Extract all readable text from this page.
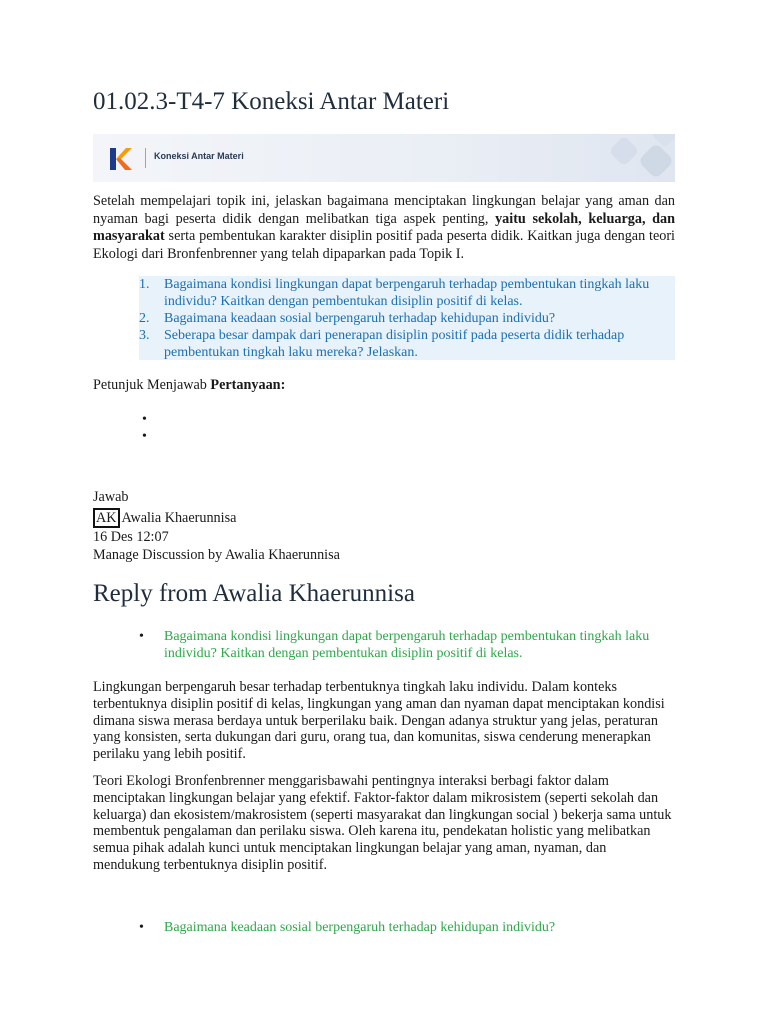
01.02.3-T4-7 Koneksi Antar Materi
Koneksi Antar Materi
Setelah mempelajari topik ini, jelaskan bagaimana menciptakan lingkungan belajar yang aman dan nyaman bagi peserta didik dengan melibatkan tiga aspek penting, yaitu sekolah, keluarga, dan masyarakat serta pembentukan karakter disiplin positif pada peserta didik. Kaitkan juga dengan teori Ekologi dari Bronfenbrenner yang telah dipaparkan pada Topik I.
1. Bagaimana kondisi lingkungan dapat berpengaruh terhadap pembentukan tingkah laku individu? Kaitkan dengan pembentukan disiplin positif di kelas.
2. Bagaimana keadaan sosial berpengaruh terhadap kehidupan individu?
3. Seberapa besar dampak dari penerapan disiplin positif pada peserta didik terhadap pembentukan tingkah laku mereka? Jelaskan.
Petunjuk Menjawab Pertanyaan:
•
•
Jawab
AK Awalia Khaerunnisa
16 Des 12:07
Manage Discussion by Awalia Khaerunnisa
Reply from Awalia Khaerunnisa
• Bagaimana kondisi lingkungan dapat berpengaruh terhadap pembentukan tingkah laku individu? Kaitkan dengan pembentukan disiplin positif di kelas.
Lingkungan berpengaruh besar terhadap terbentuknya tingkah laku individu. Dalam konteks terbentuknya disiplin positif di kelas, lingkungan yang aman dan nyaman dapat menciptakan kondisi dimana siswa merasa berdaya untuk berperilaku baik. Dengan adanya struktur yang jelas, peraturan yang konsisten, serta dukungan dari guru, orang tua, dan komunitas, siswa cenderung menerapkan perilaku yang lebih positif.
Teori Ekologi Bronfenbrenner menggarisbawahi pentingnya interaksi berbagi faktor dalam menciptakan lingkungan belajar yang efektif. Faktor-faktor dalam mikrosistem (seperti sekolah dan keluarga) dan ekosistem/makrosistem (seperti masyarakat dan lingkungan social ) bekerja sama untuk membentuk pengalaman dan perilaku siswa. Oleh karena itu, pendekatan holistic yang melibatkan semua pihak adalah kunci untuk menciptakan lingkungan belajar yang aman, nyaman, dan mendukung terbentuknya disiplin positif.
• Bagaimana keadaan sosial berpengaruh terhadap kehidupan individu?
